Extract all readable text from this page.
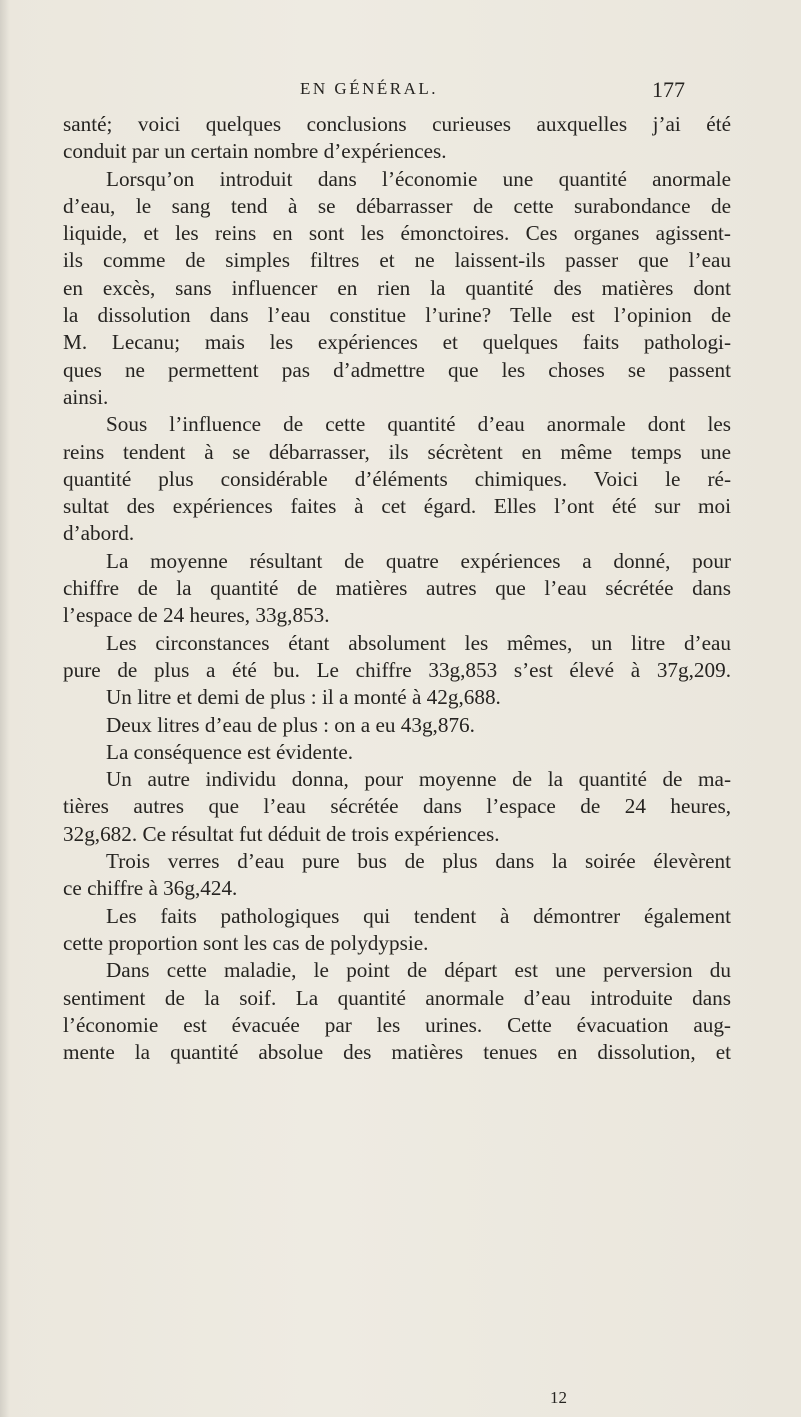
EN GÉNÉRAL.	177
santé; voici quelques conclusions curieuses auxquelles j’ai été
conduit par un certain nombre d’expériences.
Lorsqu’on introduit dans l’économie une quantité anormale
d’eau, le sang tend à se débarrasser de cette surabondance de
liquide, et les reins en sont les émonctoires. Ces organes agissent-
ils comme de simples filtres et ne laissent-ils passer que l’eau
en excès, sans influencer en rien la quantité des matières dont
la dissolution dans l’eau constitue l’urine? Telle est l’opinion de
M. Lecanu; mais les expériences et quelques faits pathologi-
ques ne permettent pas d’admettre que les choses se passent
ainsi.
Sous l’influence de cette quantité d’eau anormale dont les
reins tendent à se débarrasser, ils sécrètent en même temps une
quantité plus considérable d’éléments chimiques. Voici le ré-
sultat des expériences faites à cet égard. Elles l’ont été sur moi
d’abord.
La moyenne résultant de quatre expériences a donné, pour
chiffre de la quantité de matières autres que l’eau sécrétée dans
l’espace de 24 heures, 33g,853.
Les circonstances étant absolument les mêmes, un litre d’eau
pure de plus a été bu. Le chiffre 33g,853 s’est élevé à 37g,209.
Un litre et demi de plus : il a monté à 42g,688.
Deux litres d’eau de plus : on a eu 43g,876.
La conséquence est évidente.
Un autre individu donna, pour moyenne de la quantité de ma-
tières autres que l’eau sécrétée dans l’espace de 24 heures,
32g,682. Ce résultat fut déduit de trois expériences.
Trois verres d’eau pure bus de plus dans la soirée élevèrent
ce chiffre à 36g,424.
Les faits pathologiques qui tendent à démontrer également
cette proportion sont les cas de polydypsie.
Dans cette maladie, le point de départ est une perversion du
sentiment de la soif. La quantité anormale d’eau introduite dans
l’économie est évacuée par les urines. Cette évacuation aug-
mente la quantité absolue des matières tenues en dissolution, et
12
